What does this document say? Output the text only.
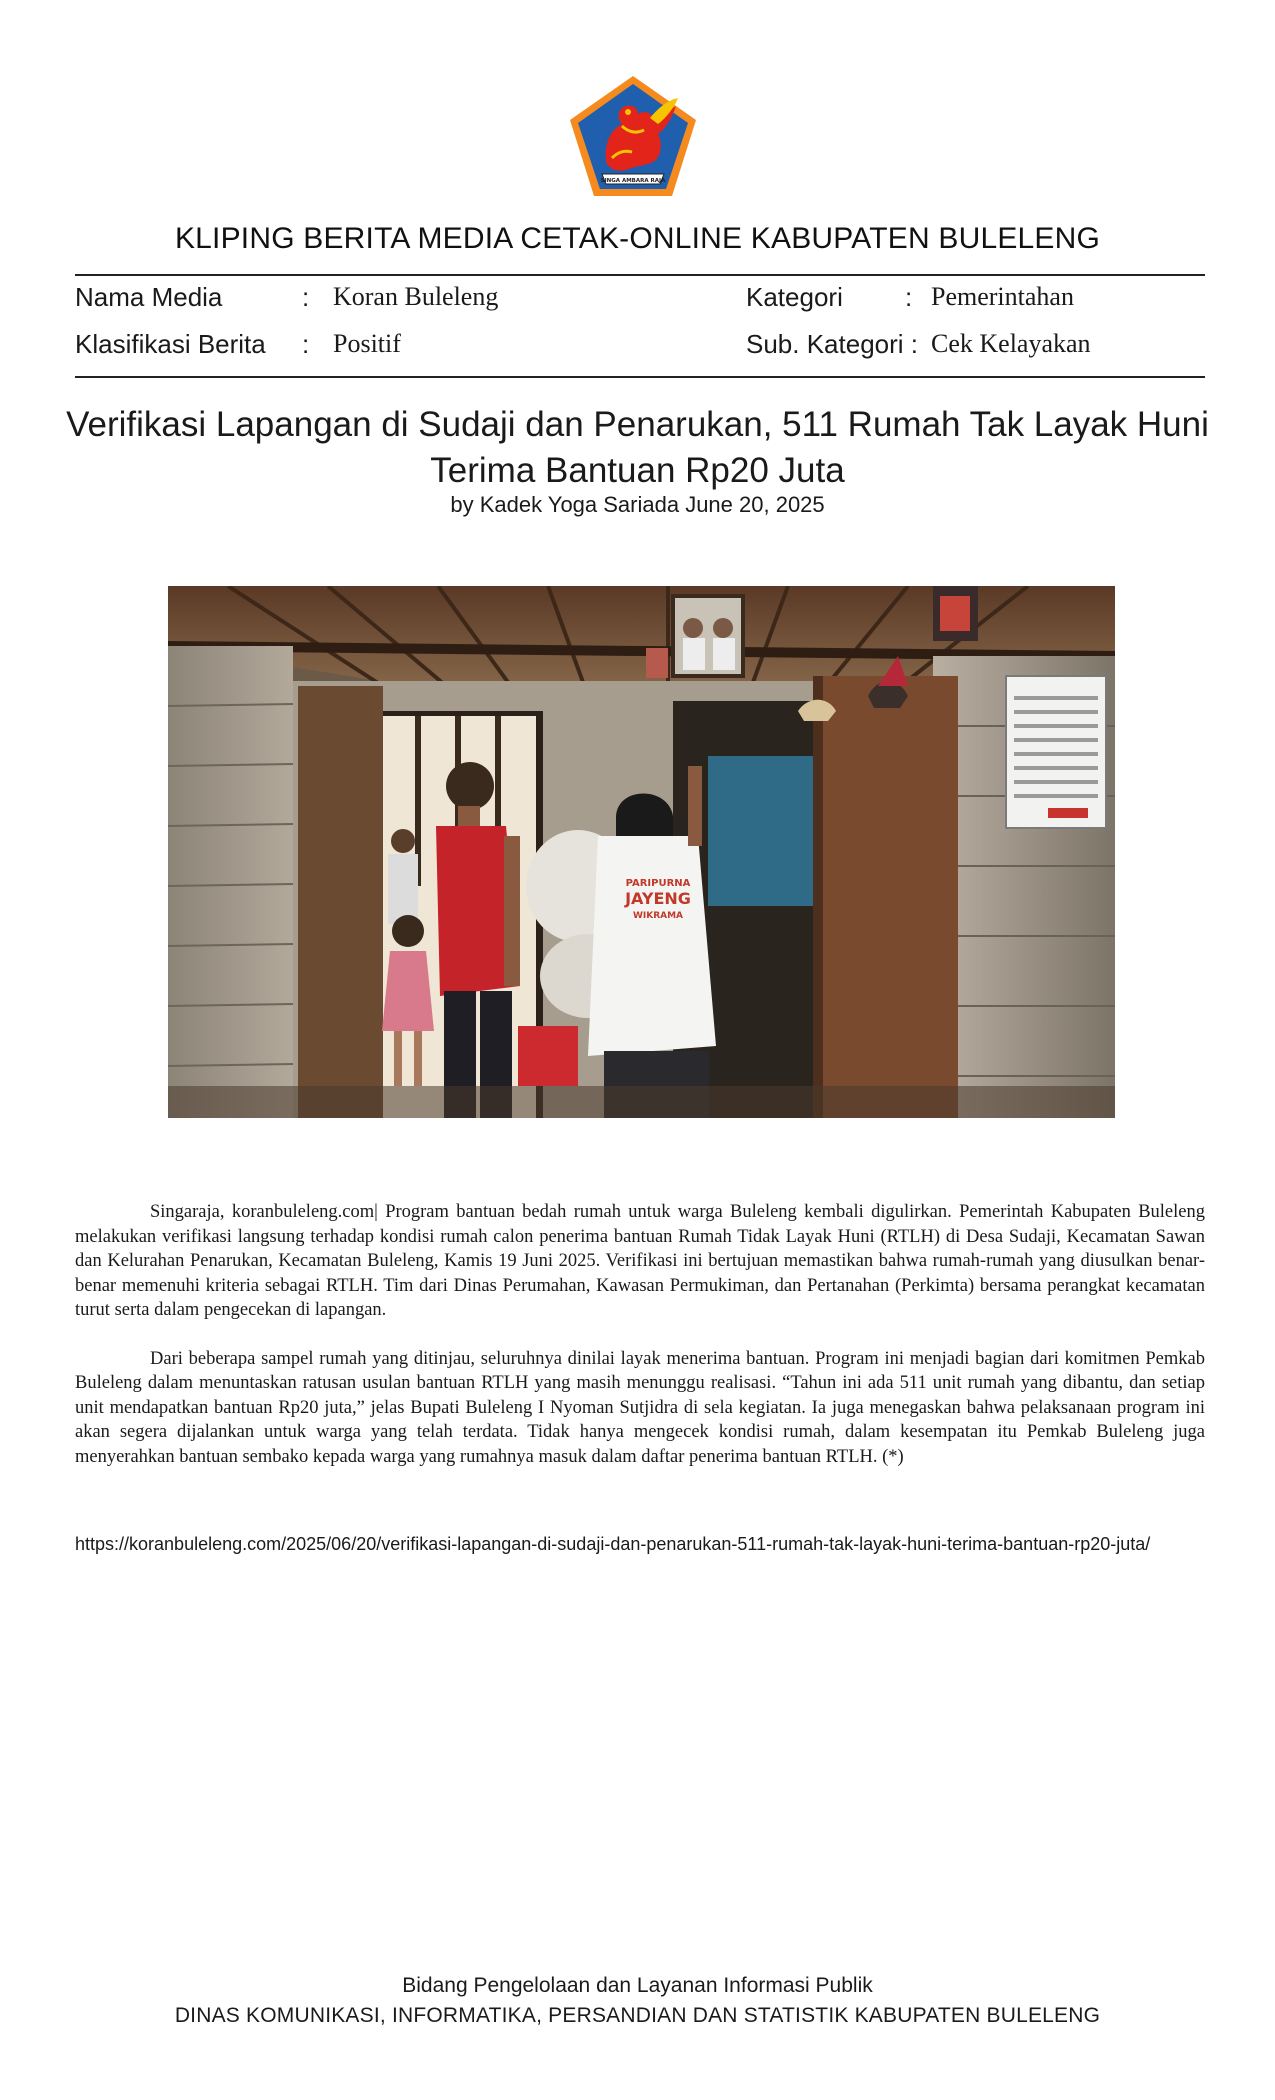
SINGA AMBARA RAJA
KLIPING BERITA MEDIA CETAK-ONLINE KABUPATEN BULELENG
Nama Media	: Koran Buleleng	Kategori : Pemerintahan
Klasifikasi Berita : Positif	Sub. Kategori : Cek Kelayakan
Verifikasi Lapangan di Sudaji dan Penarukan, 511 Rumah Tak Layak Huni
Terima Bantuan Rp20 Juta
by Kadek Yoga Sariada June 20, 2025
PARIPURNA
JAYENG
WIKRAMA

Singaraja, koranbuleleng.com| Program bantuan bedah rumah untuk warga Buleleng kembali digulirkan. Pemerintah Kabupaten Buleleng melakukan verifikasi langsung terhadap kondisi rumah calon penerima bantuan Rumah Tidak Layak Huni (RTLH) di Desa Sudaji, Kecamatan Sawan dan Kelurahan Penarukan, Kecamatan Buleleng, Kamis 19 Juni 2025. Verifikasi ini bertujuan memastikan bahwa rumah-rumah yang diusulkan benar-benar memenuhi kriteria sebagai RTLH. Tim dari Dinas Perumahan, Kawasan Permukiman, dan Pertanahan (Perkimta) bersama perangkat kecamatan turut serta dalam pengecekan di lapangan.

Dari beberapa sampel rumah yang ditinjau, seluruhnya dinilai layak menerima bantuan. Program ini menjadi bagian dari komitmen Pemkab Buleleng dalam menuntaskan ratusan usulan bantuan RTLH yang masih menunggu realisasi. “Tahun ini ada 511 unit rumah yang dibantu, dan setiap unit mendapatkan bantuan Rp20 juta,” jelas Bupati Buleleng I Nyoman Sutjidra di sela kegiatan. Ia juga menegaskan bahwa pelaksanaan program ini akan segera dijalankan untuk warga yang telah terdata. Tidak hanya mengecek kondisi rumah, dalam kesempatan itu Pemkab Buleleng juga menyerahkan bantuan sembako kepada warga yang rumahnya masuk dalam daftar penerima bantuan RTLH. (*)

https://koranbuleleng.com/2025/06/20/verifikasi-lapangan-di-sudaji-dan-penarukan-511-rumah-tak-layak-huni-terima-bantuan-rp20-juta/
Bidang Pengelolaan dan Layanan Informasi Publik
DINAS KOMUNIKASI, INFORMATIKA, PERSANDIAN DAN STATISTIK KABUPATEN BULELENG
